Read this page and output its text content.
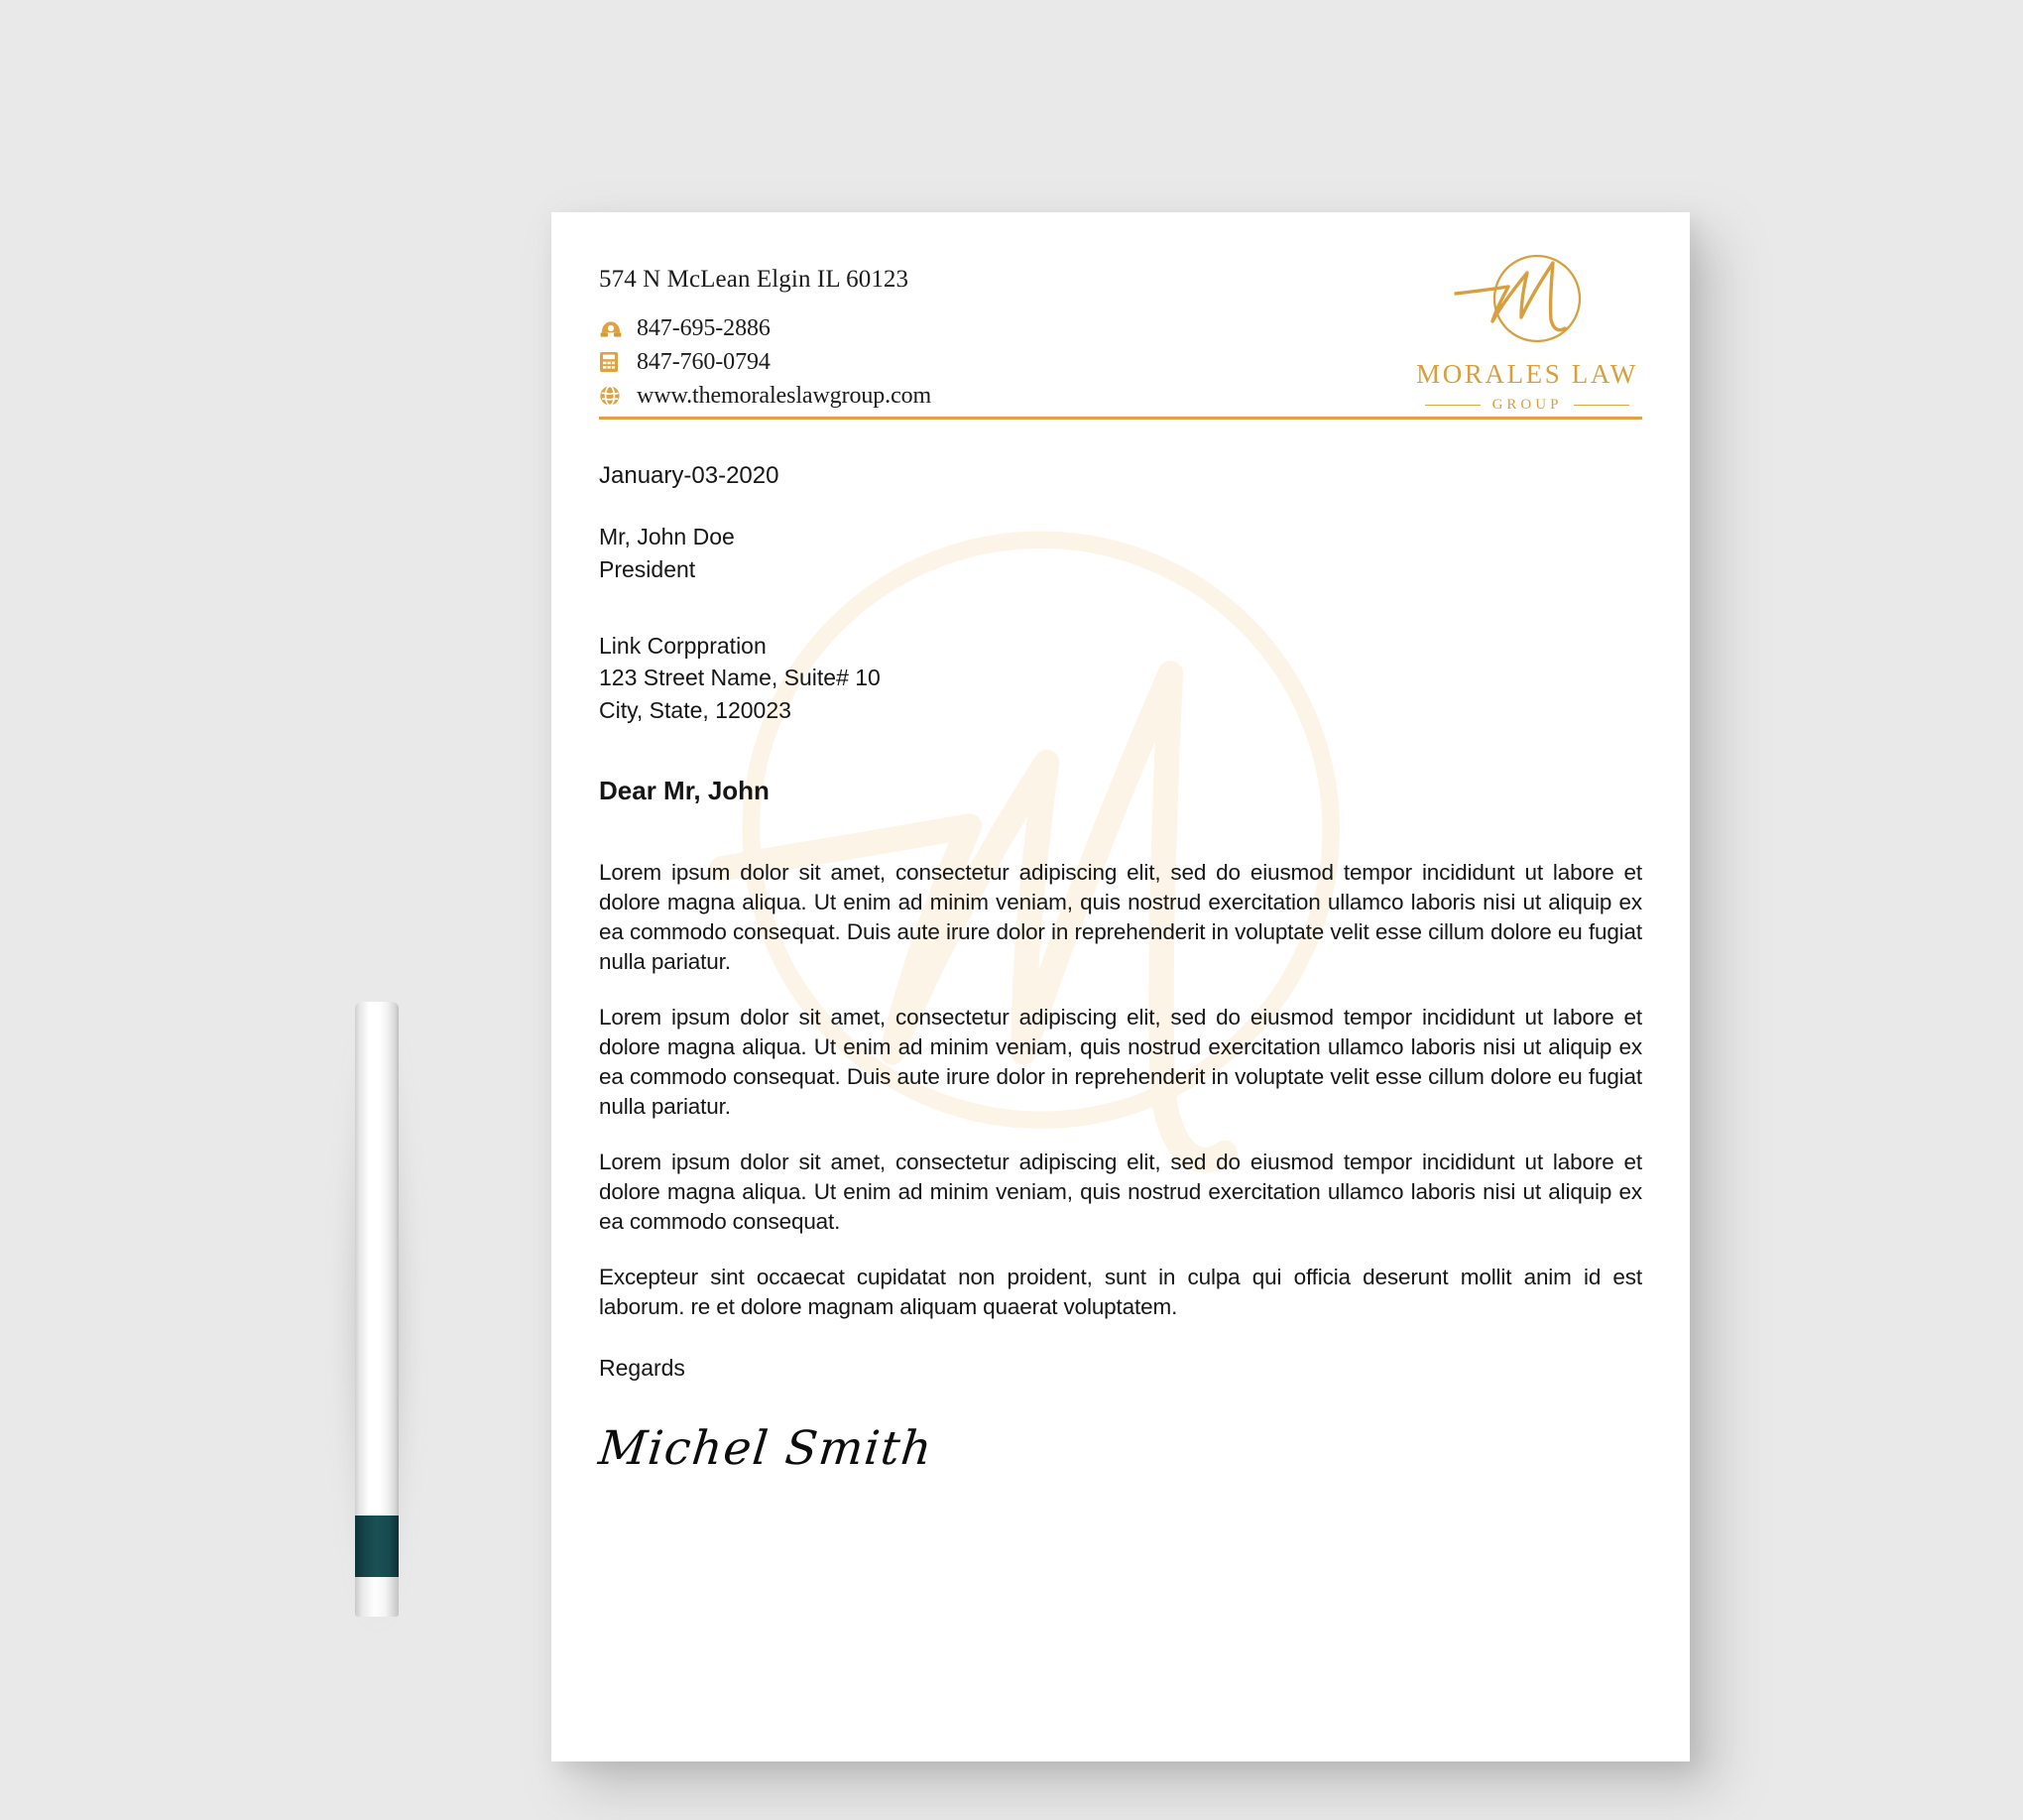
574 N McLean Elgin IL 60123
847-695-2886
847-760-0794
www.themoraleslawgroup.com
MORALES LAW
GROUP
January-03-2020
Mr, John Doe
President
Link Corppration
123 Street Name, Suite# 10
City, State, 120023
Dear Mr, John

Lorem ipsum dolor sit amet, consectetur adipiscing elit, sed do eiusmod tempor incididunt ut labore et dolore magna aliqua. Ut enim ad minim veniam, quis nostrud exercitation ullamco laboris nisi ut aliquip ex ea commodo consequat. Duis aute irure dolor in reprehenderit in voluptate velit esse cillum dolore eu fugiat nulla pariatur.

Lorem ipsum dolor sit amet, consectetur adipiscing elit, sed do eiusmod tempor incididunt ut labore et dolore magna aliqua. Ut enim ad minim veniam, quis nostrud exercitation ullamco laboris nisi ut aliquip ex ea commodo consequat. Duis aute irure dolor in reprehenderit in voluptate velit esse cillum dolore eu fugiat nulla pariatur.

Lorem ipsum dolor sit amet, consectetur adipiscing elit, sed do eiusmod tempor incididunt ut labore et dolore magna aliqua. Ut enim ad minim veniam, quis nostrud exercitation ullamco laboris nisi ut aliquip ex ea commodo consequat.

Excepteur sint occaecat cupidatat non proident, sunt in culpa qui officia deserunt mollit anim id est laborum. re et dolore magnam aliquam quaerat voluptatem.

Regards
Michel Smith
